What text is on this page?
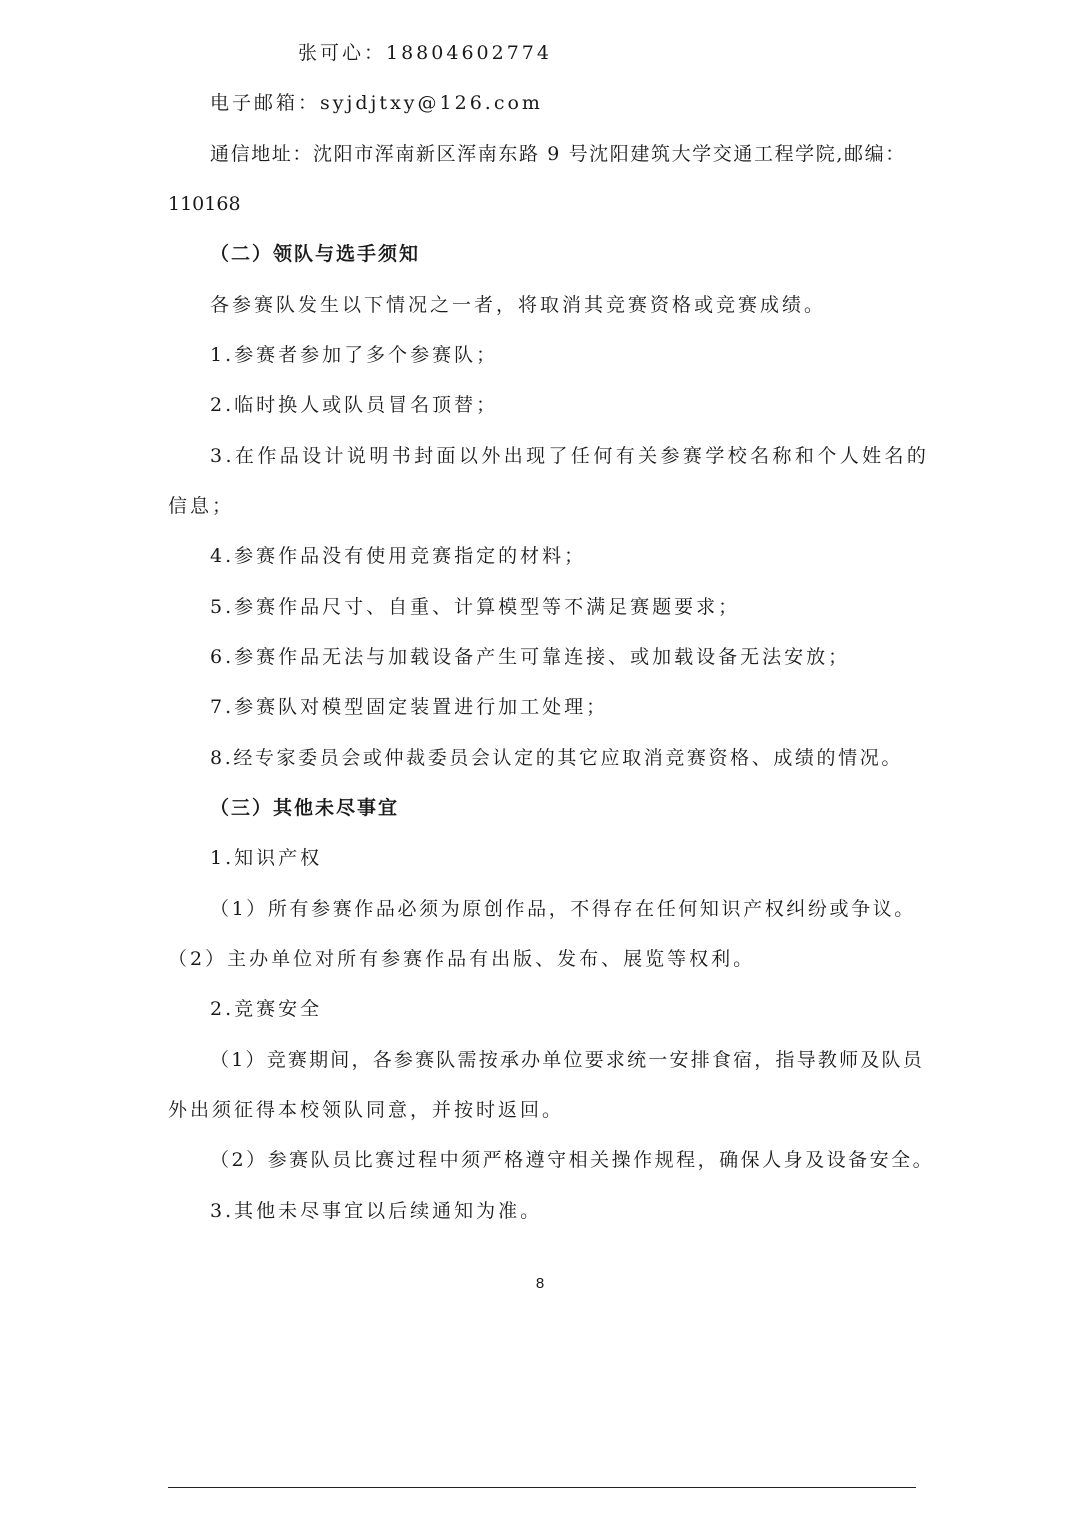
张可心：18804602774
电子邮箱：syjdjtxy@126.com
通信地址：沈阳市浑南新区浑南东路 9 号沈阳建筑大学交通工程学院,邮编：
110168
（二）领队与选手须知
各参赛队发生以下情况之一者，将取消其竞赛资格或竞赛成绩。
1.参赛者参加了多个参赛队；
2.临时换人或队员冒名顶替；
3.在作品设计说明书封面以外出现了任何有关参赛学校名称和个人姓名的
信息；
4.参赛作品没有使用竞赛指定的材料；
5.参赛作品尺寸、自重、计算模型等不满足赛题要求；
6.参赛作品无法与加载设备产生可靠连接、或加载设备无法安放；
7.参赛队对模型固定装置进行加工处理；
8.经专家委员会或仲裁委员会认定的其它应取消竞赛资格、成绩的情况。
（三）其他未尽事宜
1.知识产权
（1）所有参赛作品必须为原创作品，不得存在任何知识产权纠纷或争议。
（2）主办单位对所有参赛作品有出版、发布、展览等权利。
2.竞赛安全
（1）竞赛期间，各参赛队需按承办单位要求统一安排食宿，指导教师及队员
外出须征得本校领队同意，并按时返回。
（2）参赛队员比赛过程中须严格遵守相关操作规程，确保人身及设备安全。
3.其他未尽事宜以后续通知为准。
8
